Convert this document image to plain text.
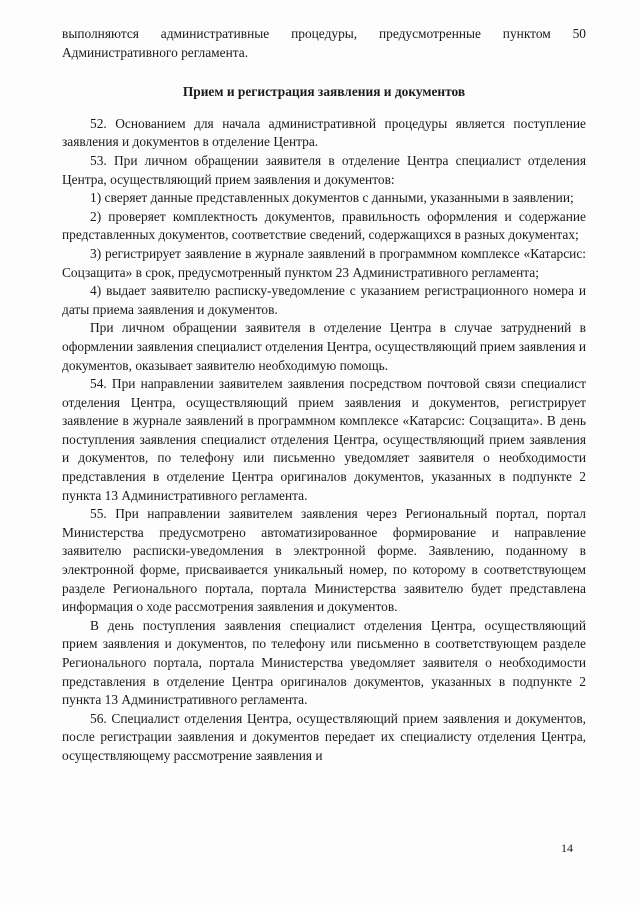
выполняются административные процедуры, предусмотренные пунктом 50 Административного регламента.

Прием и регистрация заявления и документов

52. Основанием для начала административной процедуры является поступление заявления и документов в отделение Центра.

53. При личном обращении заявителя в отделение Центра специалист отделения Центра, осуществляющий прием заявления и документов:

1) сверяет данные представленных документов с данными, указанными в заявлении;

2) проверяет комплектность документов, правильность оформления и содержание представленных документов, соответствие сведений, содержащихся в разных документах;

3) регистрирует заявление в журнале заявлений в программном комплексе «Катарсис: Соцзащита» в срок, предусмотренный пунктом 23 Административного регламента;

4) выдает заявителю расписку-уведомление с указанием регистрационного номера и даты приема заявления и документов.

При личном обращении заявителя в отделение Центра в случае затруднений в оформлении заявления специалист отделения Центра, осуществляющий прием заявления и документов, оказывает заявителю необходимую помощь.

54. При направлении заявителем заявления посредством почтовой связи специалист отделения Центра, осуществляющий прием заявления и документов, регистрирует заявление в журнале заявлений в программном комплексе «Катарсис: Соцзащита». В день поступления заявления специалист отделения Центра, осуществляющий прием заявления и документов, по телефону или письменно уведомляет заявителя о необходимости представления в отделение Центра оригиналов документов, указанных в подпункте 2 пункта 13 Административного регламента.

55. При направлении заявителем заявления через Региональный портал, портал Министерства предусмотрено автоматизированное формирование и направление заявителю расписки-уведомления в электронной форме. Заявлению, поданному в электронной форме, присваивается уникальный номер, по которому в соответствующем разделе Регионального портала, портала Министерства заявителю будет представлена информация о ходе рассмотрения заявления и документов.

В день поступления заявления специалист отделения Центра, осуществляющий прием заявления и документов, по телефону или письменно в соответствующем разделе Регионального портала, портала Министерства уведомляет заявителя о необходимости представления в отделение Центра оригиналов документов, указанных в подпункте 2 пункта 13 Административного регламента.

56. Специалист отделения Центра, осуществляющий прием заявления и документов, после регистрации заявления и документов передает их специалисту отделения Центра, осуществляющему рассмотрение заявления и

14
